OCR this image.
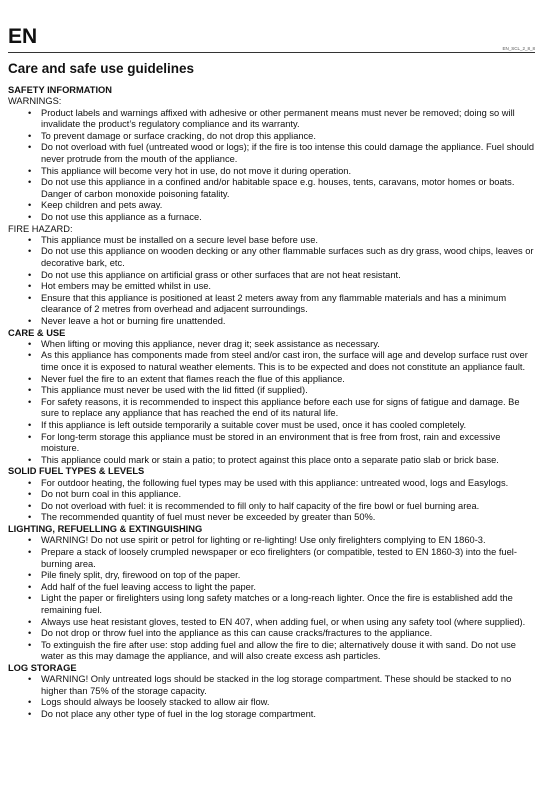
EN
EN_SCL_2_8_8
Care and safe use guidelines
SAFETY INFORMATION
WARNINGS:
• Product labels and warnings affixed with adhesive or other permanent means must never be removed; doing so will invalidate the product’s regulatory compliance and its warranty.
• To prevent damage or surface cracking, do not drop this appliance.
• Do not overload with fuel (untreated wood or logs); if the fire is too intense this could damage the appliance. Fuel should never protrude from the mouth of the appliance.
• This appliance will become very hot in use, do not move it during operation.
• Do not use this appliance in a confined and/or habitable space e.g. houses, tents, caravans, motor homes or boats. Danger of carbon monoxide poisoning fatality.
• Keep children and pets away.
• Do not use this appliance as a furnace.
FIRE HAZARD:
• This appliance must be installed on a secure level base before use.
• Do not use this appliance on wooden decking or any other flammable surfaces such as dry grass, wood chips, leaves or decorative bark, etc.
• Do not use this appliance on artificial grass or other surfaces that are not heat resistant.
• Hot embers may be emitted whilst in use.
• Ensure that this appliance is positioned at least 2 meters away from any flammable materials and has a minimum clearance of 2 metres from overhead and adjacent surroundings.
• Never leave a hot or burning fire unattended.
CARE & USE
• When lifting or moving this appliance, never drag it; seek assistance as necessary.
• As this appliance has components made from steel and/or cast iron, the surface will age and develop surface rust over time once it is exposed to natural weather elements. This is to be expected and does not constitute an appliance fault.
• Never fuel the fire to an extent that flames reach the flue of this appliance.
• This appliance must never be used with the lid fitted (if supplied).
• For safety reasons, it is recommended to inspect this appliance before each use for signs of fatigue and damage. Be sure to replace any appliance that has reached the end of its natural life.
• If this appliance is left outside temporarily a suitable cover must be used, once it has cooled completely.
• For long-term storage this appliance must be stored in an environment that is free from frost, rain and excessive moisture.
• This appliance could mark or stain a patio; to protect against this place onto a separate patio slab or brick base.
SOLID FUEL TYPES & LEVELS
• For outdoor heating, the following fuel types may be used with this appliance: untreated wood, logs and Easylogs.
• Do not burn coal in this appliance.
• Do not overload with fuel: it is recommended to fill only to half capacity of the fire bowl or fuel burning area.
• The recommended quantity of fuel must never be exceeded by greater than 50%.
LIGHTING, REFUELLING & EXTINGUISHING
• WARNING! Do not use spirit or petrol for lighting or re-lighting! Use only firelighters complying to EN 1860-3.
• Prepare a stack of loosely crumpled newspaper or eco firelighters (or compatible, tested to EN 1860-3) into the fuel-burning area.
• Pile finely split, dry, firewood on top of the paper.
• Add half of the fuel leaving access to light the paper.
• Light the paper or firelighters using long safety matches or a long-reach lighter. Once the fire is established add the remaining fuel.
• Always use heat resistant gloves, tested to EN 407, when adding fuel, or when using any safety tool (where supplied).
• Do not drop or throw fuel into the appliance as this can cause cracks/fractures to the appliance.
• To extinguish the fire after use: stop adding fuel and allow the fire to die; alternatively douse it with sand. Do not use water as this may damage the appliance, and will also create excess ash particles.
LOG STORAGE
• WARNING! Only untreated logs should be stacked in the log storage compartment. These should be stacked to no higher than 75% of the storage capacity.
• Logs should always be loosely stacked to allow air flow.
• Do not place any other type of fuel in the log storage compartment.
